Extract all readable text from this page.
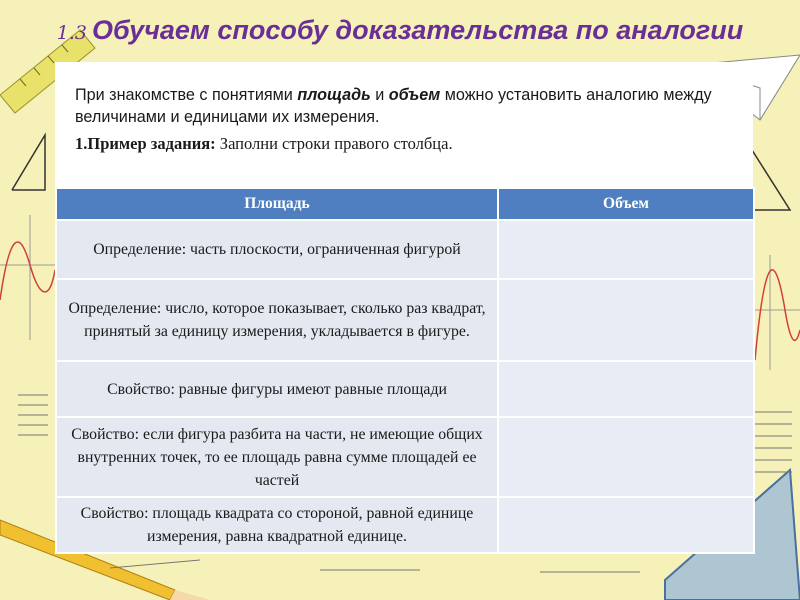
1.3 Обучаем способу доказательства по аналогии
При знакомстве с понятиями площадь и объем можно установить аналогию между величинами и единицами их измерения.
1.Пример задания: Заполни строки правого столбца.
Площадь	Объем
Определение: часть плоскости, ограниченная фигурой	
Определение: число, которое показывает, сколько раз квадрат, принятый за единицу измерения, укладывается в фигуре.	
Свойство: равные фигуры имеют равные площади	
Свойство: если фигура разбита на части, не имеющие общих внутренних точек, то ее площадь равна сумме площадей ее частей	
Свойство: площадь квадрата со стороной, равной единице измерения, равна квадратной единице.	
